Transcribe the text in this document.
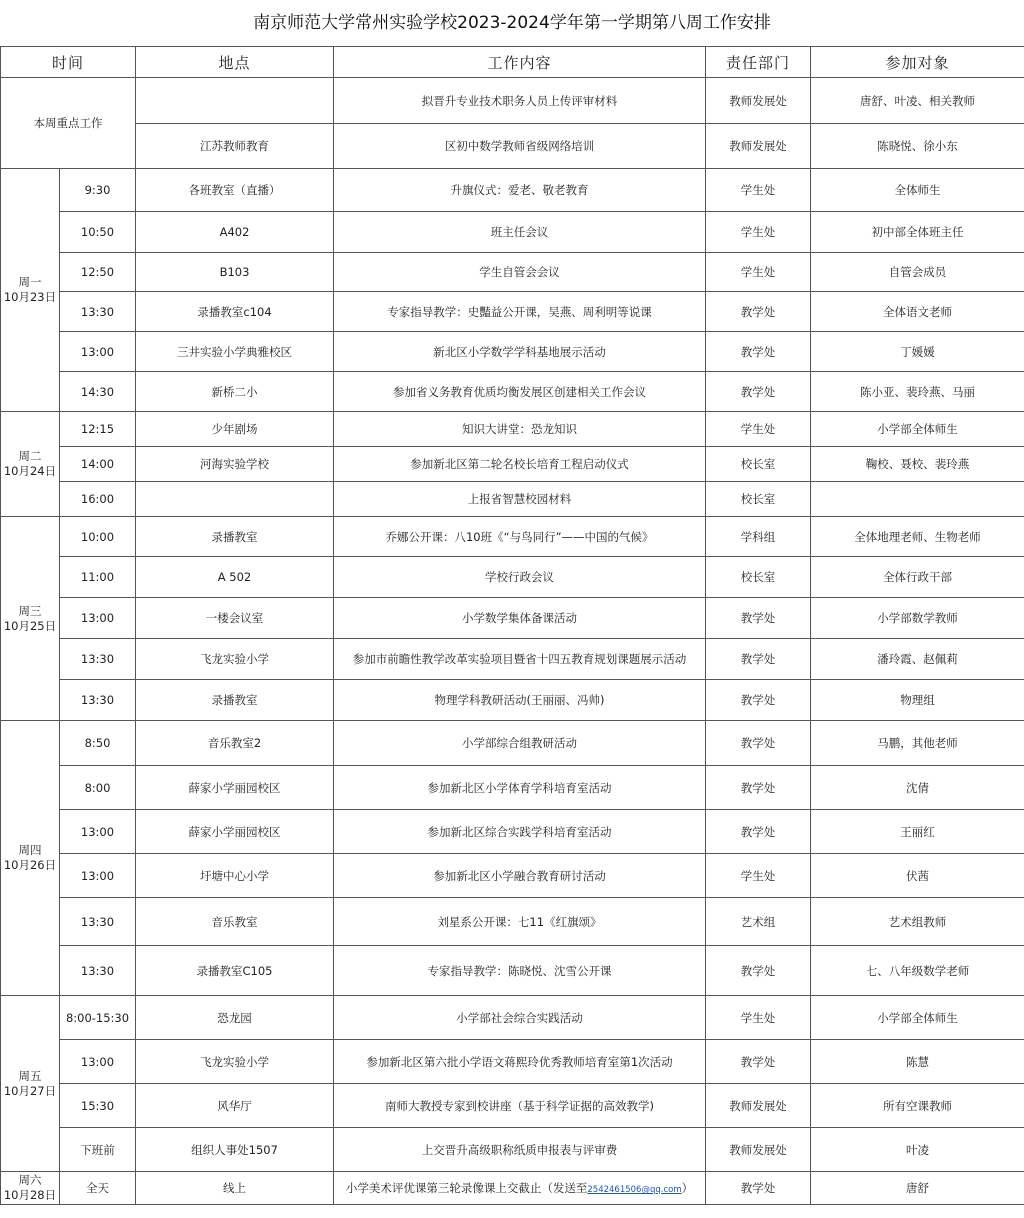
南京师范大学常州实验学校2023-2024学年第一学期第八周工作安排
时间		地点	工作内容	责任部门	参加对象
本周重点工作			拟晋升专业技术职务人员上传评审材料	教师发展处	唐舒、叶凌、相关教师
		江苏教师教育	区初中数学教师省级网络培训	教师发展处	陈晓悦、徐小东

周一
10月23日	9:30	各班教室（直播）	升旗仪式：爱老、敬老教育	学生处	全体师生
	10:50	A402	班主任会议	学生处	初中部全体班主任
	12:50	B103	学生自管会会议	学生处	自管会成员
	13:30	录播教室c104	专家指导教学：史豔益公开课，吴燕、周利明等说课	教学处	全体语文老师
	13:00	三井实验小学典雅校区	新北区小学数学学科基地展示活动	教学处	丁媛媛
	14:30	新桥二小	参加省义务教育优质均衡发展区创建相关工作会议	教学处	陈小亚、裴玲燕、马丽

周二
10月24日	12:15	少年剧场	知识大讲堂：恐龙知识	学生处	小学部全体师生
	14:00	河海实验学校	参加新北区第二轮名校长培育工程启动仪式	校长室	鞠校、聂校、裴玲燕
	16:00		上报省智慧校园材料	校长室	

周三
10月25日	10:00	录播教室	乔娜公开课：八10班《“与鸟同行”——中国的气候》	学科组	全体地理老师、生物老师
	11:00	A 502	学校行政会议	校长室	全体行政干部
	13:00	一楼会议室	小学数学集体备课活动	教学处	小学部数学教师
	13:30	飞龙实验小学	参加市前瞻性教学改革实验项目暨省十四五教育规划课题展示活动	教学处	潘玲霞、赵佩莉
	13:30	录播教室	物理学科教研活动(王丽丽、冯帅)	教学处	物理组

周四
10月26日	8:50	音乐教室2	小学部综合组教研活动	教学处	马鹏，其他老师
	8:00	薛家小学丽园校区	参加新北区小学体育学科培育室活动	教学处	沈倩
	13:00	薛家小学丽园校区	参加新北区综合实践学科培育室活动	教学处	王丽红
	13:00	圩塘中心小学	参加新北区小学融合教育研讨活动	学生处	伏茜
	13:30	音乐教室	刘星系公开课：七11《红旗颂》	艺术组	艺术组教师
	13:30	录播教室C105	专家指导教学：陈晓悦、沈雪公开课	教学处	七、八年级数学老师

周五
10月27日	8:00-15:30	恐龙园	小学部社会综合实践活动	学生处	小学部全体师生
	13:00	飞龙实验小学	参加新北区第六批小学语文蒋熙玲优秀教师培育室第1次活动	教学处	陈慧
	15:30	风华厅	南师大教授专家到校讲座（基于科学证据的高效教学)	教师发展处	所有空课教师
	下班前	组织人事处1507	上交晋升高级职称纸质申报表与评审费	教师发展处	叶凌

周六
10月28日	全天	线上	小学美术评优课第三轮录像课上交截止（发送至2542461506@qq.com）	教学处	唐舒
